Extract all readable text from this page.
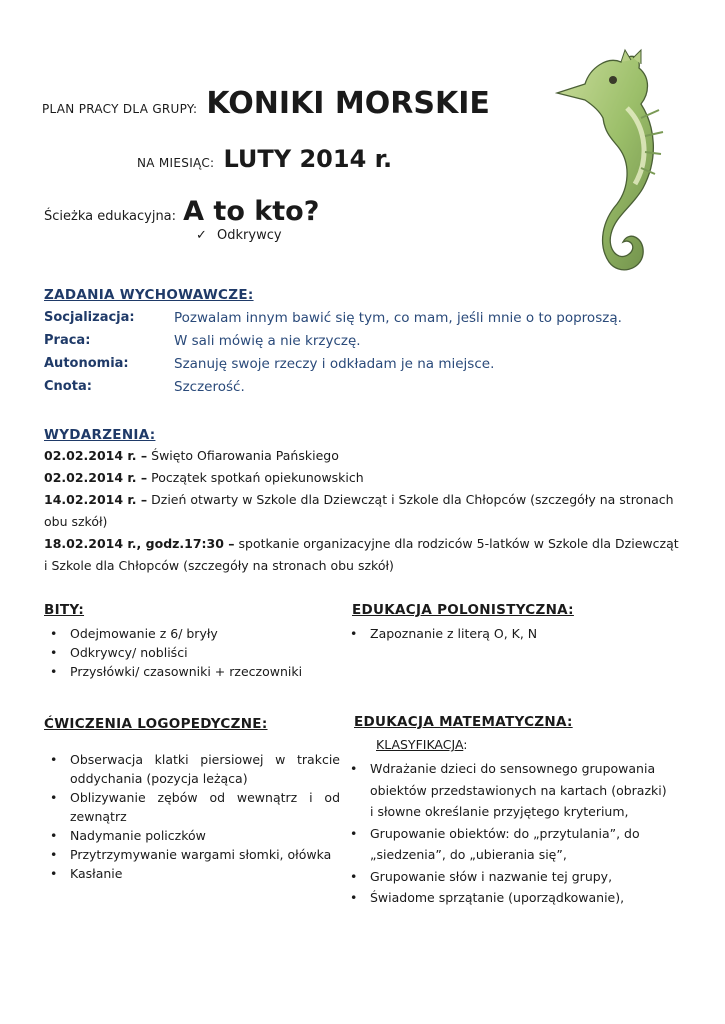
PLAN PRACY DLA GRUPY: KONIKI MORSKIE
NA MIESIĄC: LUTY 2014 r.
Ścieżka edukacyjna: A to kto?
✓ Odkrywcy
ZADANIA WYCHOWAWCZE:
Socjalizacja:	Pozwalam innym bawić się tym, co mam, jeśli mnie o to poproszą.
Praca:	W sali mówię a nie krzyczę.
Autonomia:	Szanuję swoje rzeczy i odkładam je na miejsce.
Cnota:	Szczerość.
WYDARZENIA:
02.02.2014 r. – Święto Ofiarowania Pańskiego
02.02.2014 r. – Początek spotkań opiekunowskich
14.02.2014 r. – Dzień otwarty w Szkole dla Dziewcząt i Szkole dla Chłopców (szczegóły na stronach obu szkół)
18.02.2014 r., godz.17:30 – spotkanie organizacyjne dla rodziców 5-latków w Szkole dla Dziewcząt i Szkole dla Chłopców (szczegóły na stronach obu szkół)
BITY:
• Odejmowanie z 6/ bryły
• Odkrywcy/ nobliści
• Przysłówki/ czasowniki + rzeczowniki
EDUKACJA POLONISTYCZNA:
• Zapoznanie z literą O, K, N
ĆWICZENIA LOGOPEDYCZNE:
• Obserwacja klatki piersiowej w trakcie oddychania (pozycja leżąca)
• Oblizywanie zębów od wewnątrz i od zewnątrz
• Nadymanie policzków
• Przytrzymywanie wargami słomki, ołówka
• Kasłanie
EDUKACJA MATEMATYCZNA:
KLASYFIKACJA:
• Wdrażanie dzieci do sensownego grupowania obiektów przedstawionych na kartach (obrazki) i słowne określanie przyjętego kryterium,
• Grupowanie obiektów: do „przytulania”, do „siedzenia”, do „ubierania się”,
• Grupowanie słów i nazwanie tej grupy,
• Świadome sprzątanie (uporządkowanie),
